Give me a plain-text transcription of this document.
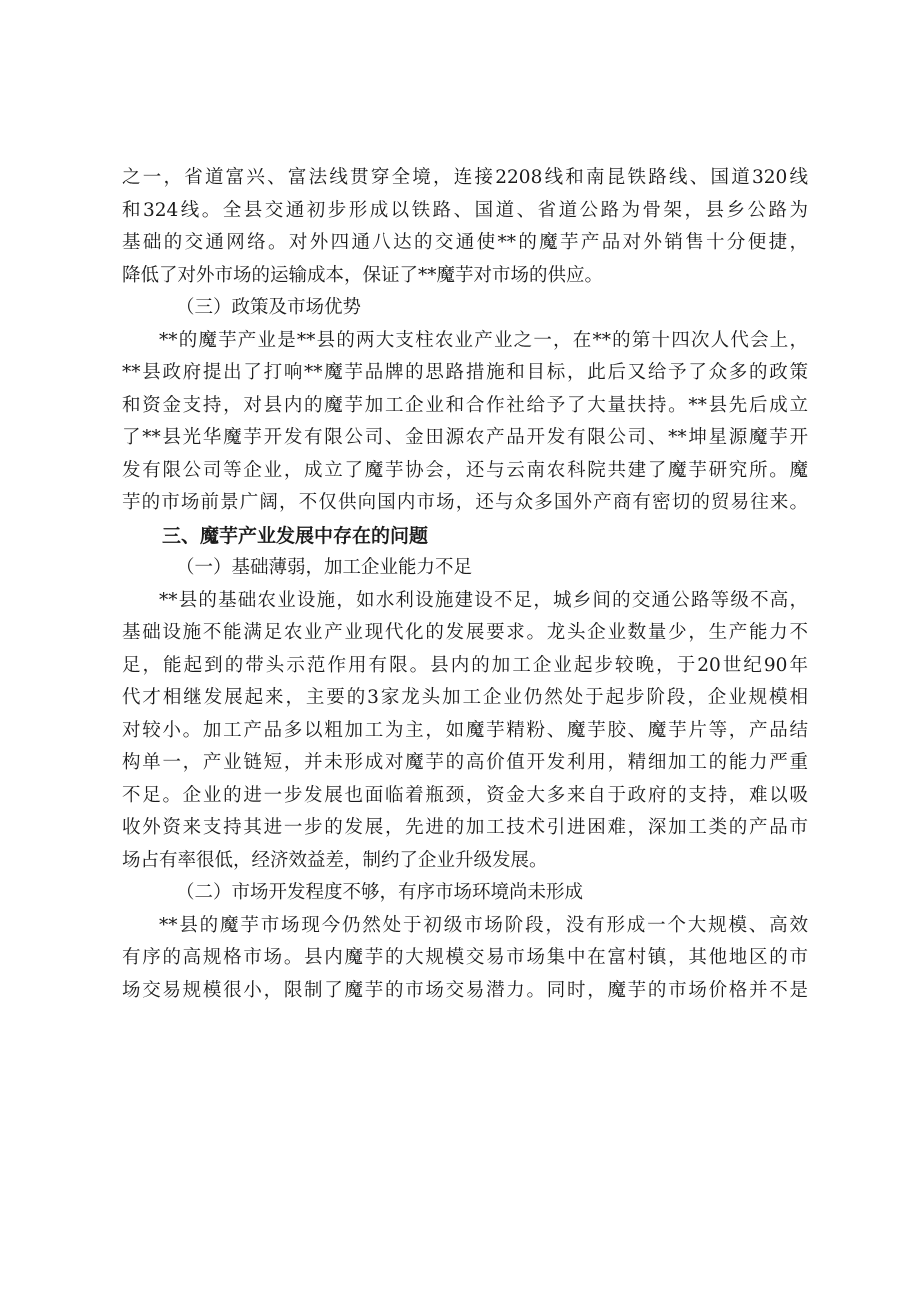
之一，省道富兴、富法线贯穿全境，连接2208线和南昆铁路线、国道320线
和324线。全县交通初步形成以铁路、国道、省道公路为骨架，县乡公路为
基础的交通网络。对外四通八达的交通使**的魔芋产品对外销售十分便捷，
降低了对外市场的运输成本，保证了**魔芋对市场的供应。
（三）政策及市场优势
**的魔芋产业是**县的两大支柱农业产业之一，在**的第十四次人代会上，
**县政府提出了打响**魔芋品牌的思路措施和目标，此后又给予了众多的政策
和资金支持，对县内的魔芋加工企业和合作社给予了大量扶持。**县先后成立
了**县光华魔芋开发有限公司、金田源农产品开发有限公司、**坤星源魔芋开
发有限公司等企业，成立了魔芋协会，还与云南农科院共建了魔芋研究所。魔
芋的市场前景广阔，不仅供向国内市场，还与众多国外产商有密切的贸易往来。
三、魔芋产业发展中存在的问题
（一）基础薄弱，加工企业能力不足
**县的基础农业设施，如水利设施建设不足，城乡间的交通公路等级不高，
基础设施不能满足农业产业现代化的发展要求。龙头企业数量少，生产能力不
足，能起到的带头示范作用有限。县内的加工企业起步较晚，于20世纪90年
代才相继发展起来，主要的3家龙头加工企业仍然处于起步阶段，企业规模相
对较小。加工产品多以粗加工为主，如魔芋精粉、魔芋胶、魔芋片等，产品结
构单一，产业链短，并未形成对魔芋的高价值开发利用，精细加工的能力严重
不足。企业的进一步发展也面临着瓶颈，资金大多来自于政府的支持，难以吸
收外资来支持其进一步的发展，先进的加工技术引进困难，深加工类的产品市
场占有率很低，经济效益差，制约了企业升级发展。
（二）市场开发程度不够，有序市场环境尚未形成
**县的魔芋市场现今仍然处于初级市场阶段，没有形成一个大规模、高效
有序的高规格市场。县内魔芋的大规模交易市场集中在富村镇，其他地区的市
场交易规模很小，限制了魔芋的市场交易潜力。同时，魔芋的市场价格并不是
